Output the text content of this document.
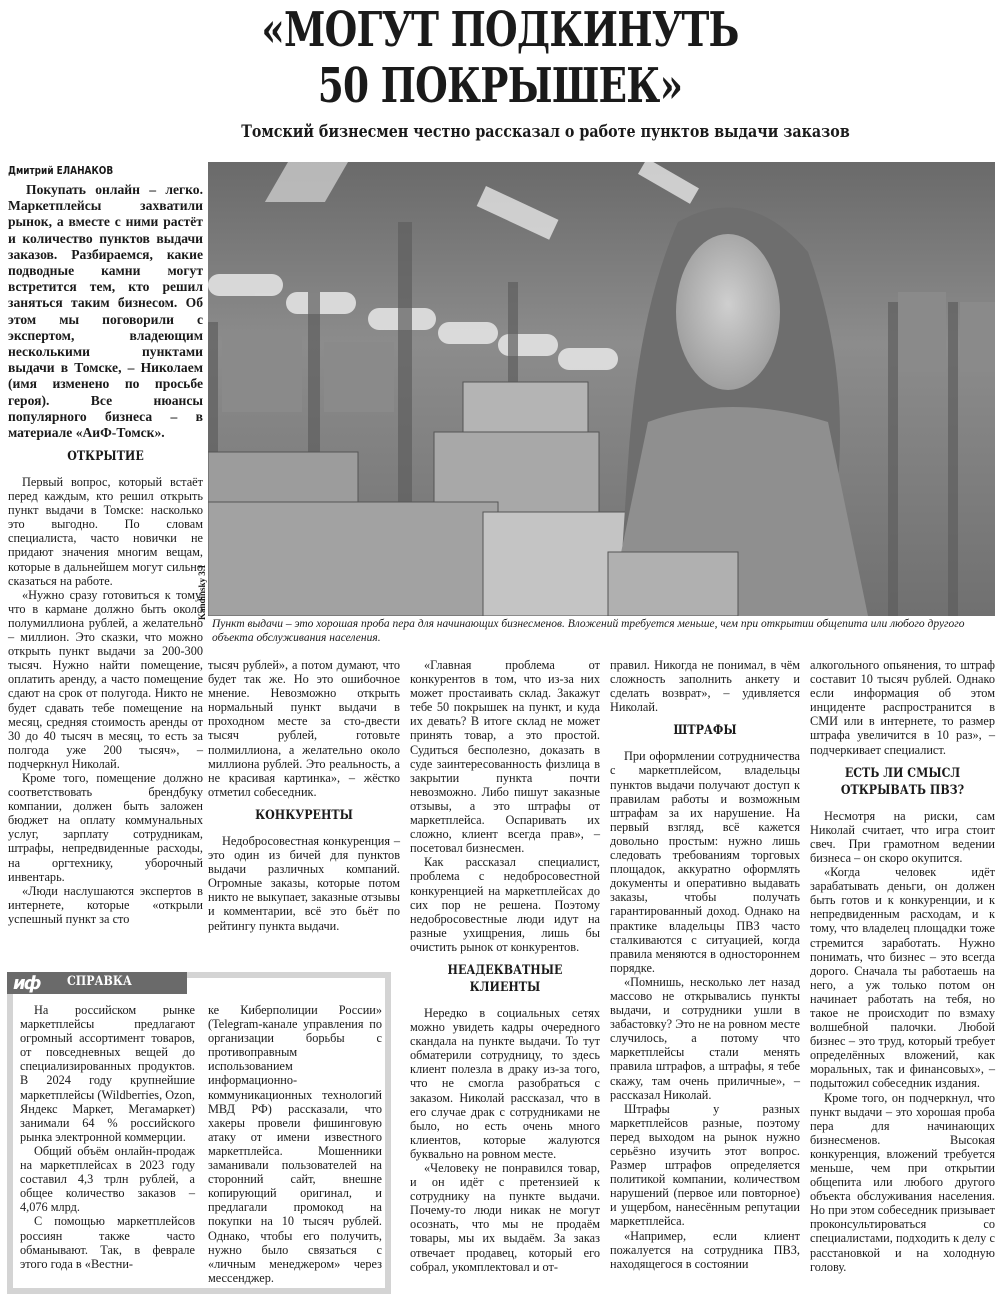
«МОГУТ ПОДКИНУТЬ
50 ПОКРЫШЕК»
Томский бизнесмен честно рассказал о работе пунктов выдачи заказов
Дмитрий ЕЛАНАКОВ

Покупать онлайн – легко. Маркетплейсы захватили рынок, а вместе с ними растёт и количество пунктов выдачи заказов. Разбираемся, какие подводные камни могут встретится тем, кто решил заняться таким бизнесом. Об этом мы поговорили с экспертом, владеющим несколькими пунктами выдачи в Томске, – Николаем (имя изменено по просьбе героя). Все нюансы популярного бизнеса – в материале «АиФ-Томск».

ОТКРЫТИЕ

Первый вопрос, который встаёт перед каждым, кто решил открыть пункт выдачи в Томске: насколько это выгодно. По словам специалиста, часто новички не придают значения многим вещам, которые в дальнейшем могут сильно сказаться на работе.

«Нужно сразу готовиться к тому, что в кармане должно быть около полумиллиона рублей, а желательно – миллион. Это сказки, что можно открыть пункт выдачи за 200-300 тысяч. Нужно найти помещение, оплатить аренду, а часто помещение сдают на срок от полугода. Никто не будет сдавать тебе помещение на месяц, средняя стоимость аренды от 30 до 40 тысяч в месяц, то есть за полгода уже 200 тысяч», – подчеркнул Николай.

Кроме того, помещение должно соответствовать брендбуку компании, должен быть заложен бюджет на оплату коммунальных услуг, зарплату сотрудникам, штрафы, непредвиденные расходы, на оргтехнику, уборочный инвентарь.

«Люди наслушаются экспертов в интернете, которые «открыли успешный пункт за сто

Kandinsky 3.1
Пункт выдачи – это хорошая проба пера для начинающих бизнесменов. Вложений требуется меньше, чем при открытии общепита или любого другого объекта обслуживания населения.

тысяч рублей», а потом думают, что будет так же. Но это ошибочное мнение. Невозможно открыть нормальный пункт выдачи в проходном месте за сто-двести тысяч рублей, готовьте полмиллиона, а желательно около миллиона рублей. Это реальность, а не красивая картинка», – жёстко отметил собеседник.

КОНКУРЕНТЫ

Недобросовестная конкуренция – это один из бичей для пунктов выдачи различных компаний. Огромные заказы, которые потом никто не выкупает, заказные отзывы и комментарии, всё это бьёт по рейтингу пункта выдачи.

«Главная проблема от конкурентов в том, что из-за них может простаивать склад. Закажут тебе 50 покрышек на пункт, и куда их девать? В итоге склад не может принять товар, а это простой. Судиться бесполезно, доказать в суде заинтересованность физлица в закрытии пункта почти невозможно. Либо пишут заказные отзывы, а это штрафы от маркетплейса. Оспаривать их сложно, клиент всегда прав», – посетовал бизнесмен.

Как рассказал специалист, проблема с недобросовестной конкуренцией на маркетплейсах до сих пор не решена. Поэтому недобросовестные люди идут на разные ухищрения, лишь бы очистить рынок от конкурентов.

НЕАДЕКВАТНЫЕ КЛИЕНТЫ

Нередко в социальных сетях можно увидеть кадры очередного скандала на пункте выдачи. То тут обматерили сотрудницу, то здесь клиент полезла в драку из-за того, что не смогла разобраться с заказом. Николай рассказал, что в его случае драк с сотрудниками не было, но есть очень много клиентов, которые жалуются буквально на ровном месте.

«Человеку не понравился товар, и он идёт с претензией к сотруднику на пункте выдачи. Почему-то люди никак не могут осознать, что мы не продаём товары, мы их выдаём. За заказ отвечает продавец, который его собрал, укомплектовал и от-

правил. Никогда не понимал, в чём сложность заполнить анкету и сделать возврат», – удивляется Николай.

ШТРАФЫ

При оформлении сотрудничества с маркетплейсом, владельцы пунктов выдачи получают доступ к правилам работы и возможным штрафам за их нарушение. На первый взгляд, всё кажется довольно простым: нужно лишь следовать требованиям торговых площадок, аккуратно оформлять документы и оперативно выдавать заказы, чтобы получать гарантированный доход. Однако на практике владельцы ПВЗ часто сталкиваются с ситуацией, когда правила меняются в одностороннем порядке.

«Помнишь, несколько лет назад массово не открывались пункты выдачи, и сотрудники ушли в забастовку? Это не на ровном месте случилось, а потому что маркетплейсы стали менять правила штрафов, а штрафы, я тебе скажу, там очень приличные», – рассказал Николай.

Штрафы у разных маркетплейсов разные, поэтому перед выходом на рынок нужно серьёзно изучить этот вопрос. Размер штрафов определяется политикой компании, количеством нарушений (первое или повторное) и ущербом, нанесённым репутации маркетплейса.

«Например, если клиент пожалуется на сотрудника ПВЗ, находящегося в состоянии

алкогольного опьянения, то штраф составит 10 тысяч рублей. Однако если информация об этом инциденте распространится в СМИ или в интернете, то размер штрафа увеличится в 10 раз», – подчеркивает специалист.

ЕСТЬ ЛИ СМЫСЛ ОТКРЫВАТЬ ПВЗ?

Несмотря на риски, сам Николай считает, что игра стоит свеч. При грамотном ведении бизнеса – он скоро окупится.

«Когда человек идёт зарабатывать деньги, он должен быть готов и к конкуренции, и к непредвиденным расходам, и к тому, что владелец площадки тоже стремится заработать. Нужно понимать, что бизнес – это всегда дорого. Сначала ты работаешь на него, а уж только потом он начинает работать на тебя, но такое не происходит по взмаху волшебной палочки. Любой бизнес – это труд, который требует определённых вложений, как моральных, так и финансовых», – подытожил собеседник издания.

Кроме того, он подчеркнул, что пункт выдачи – это хорошая проба пера для начинающих бизнесменов. Высокая конкуренция, вложений требуется меньше, чем при открытии общепита или любого другого объекта обслуживания населения. Но при этом собеседник призывает проконсультироваться со специалистами, подходить к делу с расстановкой и на холодную голову.

иф СПРАВКА

На российском рынке маркетплейсы предлагают огромный ассортимент товаров, от повседневных вещей до специализированных продуктов. В 2024 году крупнейшие маркетплейсы (Wildberries, Ozon, Яндекс Маркет, Мегамаркет) занимали 64 % российского рынка электронной коммерции.

Общий объём онлайн-продаж на маркетплейсах в 2023 году составил 4,3 трлн рублей, а общее количество заказов – 4,076 млрд.

С помощью маркетплейсов россиян также часто обманывают. Так, в феврале этого года в «Вестни-

ке Киберполиции России» (Telegram-канале управления по организации борьбы с противоправным использованием информационно-коммуникационных технологий МВД РФ) рассказали, что хакеры провели фишинговую атаку от имени известного маркетплейса. Мошенники заманивали пользователей на сторонний сайт, внешне копирующий оригинал, и предлагали промокод на покупки на 10 тысяч рублей. Однако, чтобы его получить, нужно было связаться с «личным менеджером» через мессенджер.
